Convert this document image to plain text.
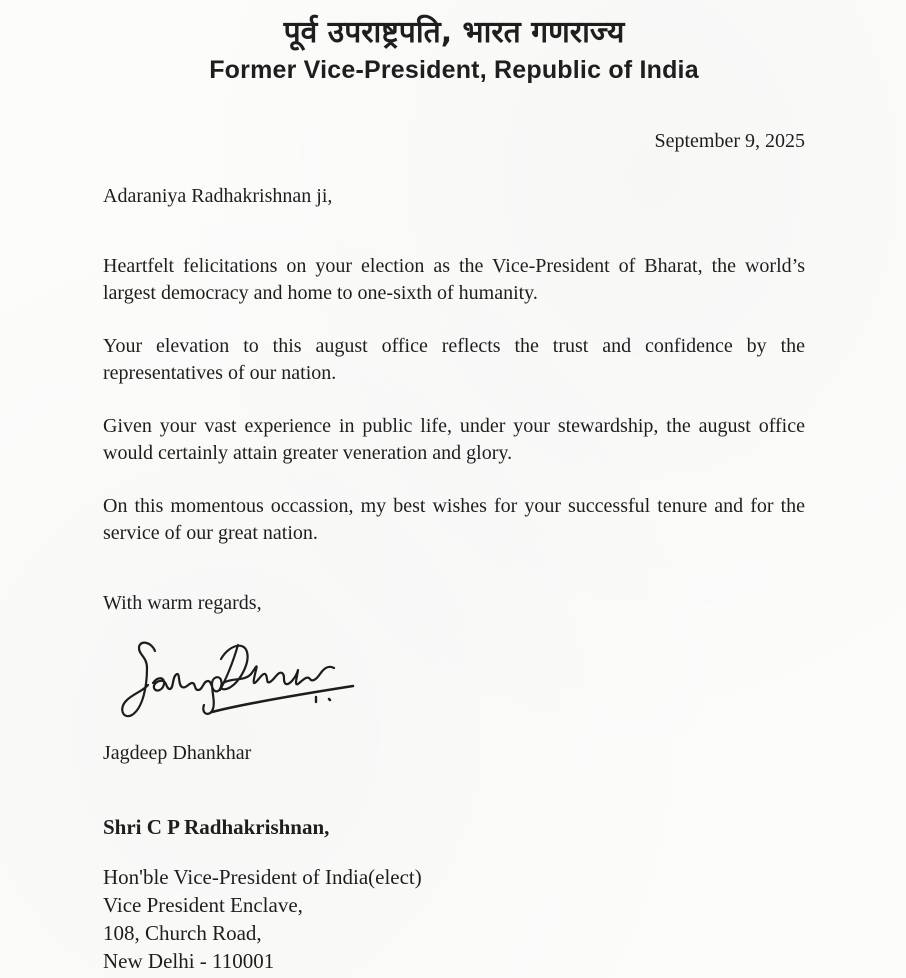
पूर्व उपराष्ट्रपति, भारत गणराज्य
Former Vice-President, Republic of India
September 9, 2025
Adaraniya Radhakrishnan ji,

Heartfelt felicitations on your election as the Vice-President of Bharat, the world’s largest democracy and home to one-sixth of humanity.

Your elevation to this august office reflects the trust and confidence by the representatives of our nation.

Given your vast experience in public life, under your stewardship, the august office would certainly attain greater veneration and glory.

On this momentous occassion, my best wishes for your successful tenure and for the service of our great nation.

With warm regards,
Jagdeep Dhankhar
Shri C P Radhakrishnan,
Hon'ble Vice-President of India(elect)
Vice President Enclave,
108, Church Road,
New Delhi - 110001
